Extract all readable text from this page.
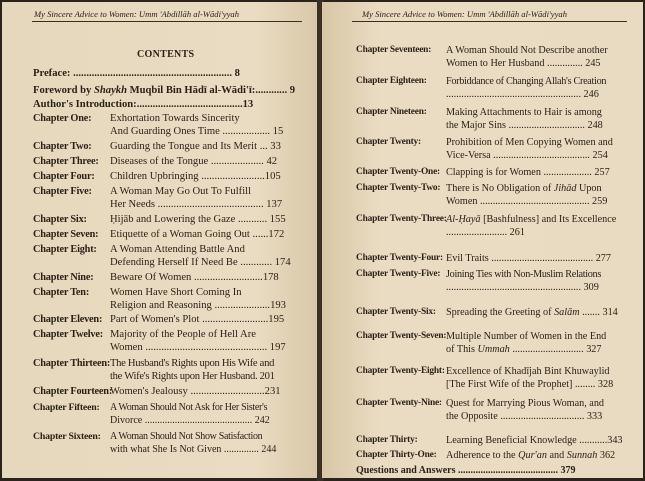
My Sincere Advice to Women: Umm 'Abdillāh al-Wādi'yyah
CONTENTS
Preface: ............................................................ 8
Foreword by Shaykh Muqbil Bin Hādī al-Wādi'ī:............ 9
Author's Introduction:........................................13
Chapter One: Exhortation Towards Sincerity
And Guarding Ones Time .................. 15
Chapter Two: Guarding the Tongue and Its Merit ... 33
Chapter Three: Diseases of the Tongue .................... 42
Chapter Four: Children Upbringing ........................105
Chapter Five: A Woman May Go Out To Fulfill
Her Needs ........................................ 137
Chapter Six: Ḥijāb and Lowering the Gaze ........... 155
Chapter Seven: Etiquette of a Woman Going Out ......172
Chapter Eight: A Woman Attending Battle And
Defending Herself If Need Be ............ 174
Chapter Nine: Beware Of Women ..........................178
Chapter Ten: Women Have Short Coming In
Religion and Reasoning .....................193
Chapter Eleven: Part of Women's Plot .........................195
Chapter Twelve: Majority of the People of Hell Are
Women .............................................. 197
Chapter Thirteen: The Husband's Rights upon His Wife and
the Wife's Rights upon Her Husband. 201
Chapter Fourteen:
Women's Jealousy ............................231
Chapter Fifteen: A Woman Should Not Ask for Her Sister's
Divorce ........................................... 242
Chapter Sixteen: A Woman Should Not Show Satisfaction
with what She Is Not Given .............. 244
My Sincere Advice to Women: Umm 'Abdillāh al-Wādi'yyah
Chapter Seventeen: A Woman Should Not Describe another
Women to Her Husband .............. 245
Chapter Eighteen: Forbiddance of Changing Allah's Creation
..................................................... 246
Chapter Nineteen: Making Attachments to Hair is among
the Major Sins .............................. 248
Chapter Twenty: Prohibition of Men Copying Women and
Vice-Versa ...................................... 254
Chapter Twenty-One: Clapping is for Women ................... 257
Chapter Twenty-Two: There is No Obligation of Jihād Upon
Women ........................................... 259
Chapter Twenty-Three: Al-Ḥayā [Bashfulness] and Its Excellence
........................ 261
Chapter Twenty-Four: Evil Traits ........................................ 277
Chapter Twenty-Five: Joining Ties with Non-Muslim Relations
..................................................... 309
Chapter Twenty-Six: Spreading the Greeting of Salām ....... 314
Chapter Twenty-Seven: Multiple Number of Women in the End
of This Ummah ............................ 327
Chapter Twenty-Eight: Excellence of Khadījah Bint Khuwaylid
[The First Wife of the Prophet] ........ 328
Chapter Twenty-Nine: Quest for Marrying Pious Woman, and
the Opposite ................................. 333
Chapter Thirty:	Learning Beneficial Knowledge ...........343
Chapter Thirty-One: Adherence to the Qur'an and Sunnah 362
Questions and Answers ........................................ 379
